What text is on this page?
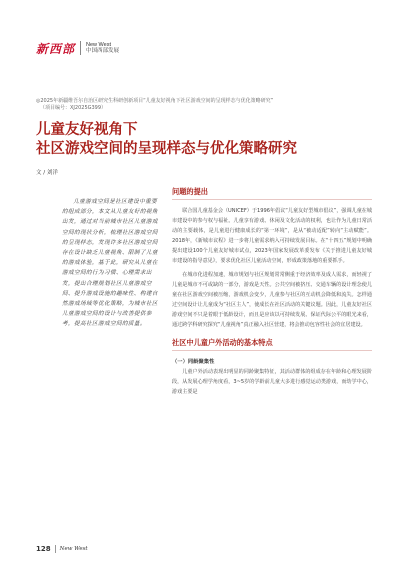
新西部 New West
中国西部发展
◎2025年新疆维吾尔自治区研究生科研创新项目“儿童友好视角下社区游戏空间的呈现样态与优化策略研究”
（项目编号：XJ2025G399）
儿童友好视角下
社区游戏空间的呈现样态与优化策略研究
文 / 刘洋
儿童游戏空间是社区建设中重要的组成部分，本文从儿童友好的视角出发，通过对当前城市社区儿童游戏空间的现状分析，梳理社区游戏空间的呈现样态，发现许多社区游戏空间存在设计缺乏儿童视角、限制了儿童的游戏体验，基于此，研究从儿童在游戏空间的行为习惯、心理需求出发，提出合理规划社区儿童游戏空间、提升游戏设施的趣味性、构建自然游戏场域等优化策略，为城市社区儿童游戏空间的设计与改善提供参考，提高社区游戏空间的质量。
问题的提出

联合国儿童基金会（UNICEF）于1996年倡议“儿童友好型城市倡议”，强调儿童在城市建设中的参与权与福祉。儿童享有游戏、休闲及文化活动的权利，也让作为儿童日常活动的主要载体，是儿童进行健康成长的“第一环境”，是从“被动适配”转向“主动赋能”。2018年，《新城市议程》进一步将儿童需求纳入可持续发展目标。在“十四五”规划中明确提出建设100个儿童友好城市试点，2023年国家发展改革委发布《关于推进儿童友好城市建设的指导意见》，要求优化社区儿童活动空间，形成政策落地的重要抓手。

在城市化进程加速，城市规划与社区规划常常侧重于经济效率及成人需求，而轻视了儿童是城市不可或缺的一部分，游戏是天性。公共空间被挤压、交通车辆的设计理念使儿童在社区游戏空间被压缩，游戏机会变少，儿童参与社区的互动机会降低和流失。怎样通过空间设计让儿童成为“社区主人”，使成长在社区活动的关键议题。因此，儿童友好社区游戏空间不只是着眼于低龄设计，而且是应该以可持续发展、保证代际公平的眼光来看，通过跨学科研究探究“儿童视角”真正融入社区营建，将会推动包容性社会的宜居建设。

社区中儿童户外活动的基本特点
（一）同龄聚集性

儿童户外活动表现出明显的同龄聚集特征，其活动群体的组成存在年龄和心理发展阶段，从发展心理学角度看，3~5岁的学龄前儿童大多进行感觉运动类游戏，而幼学中心，游戏主要是

128 New West
